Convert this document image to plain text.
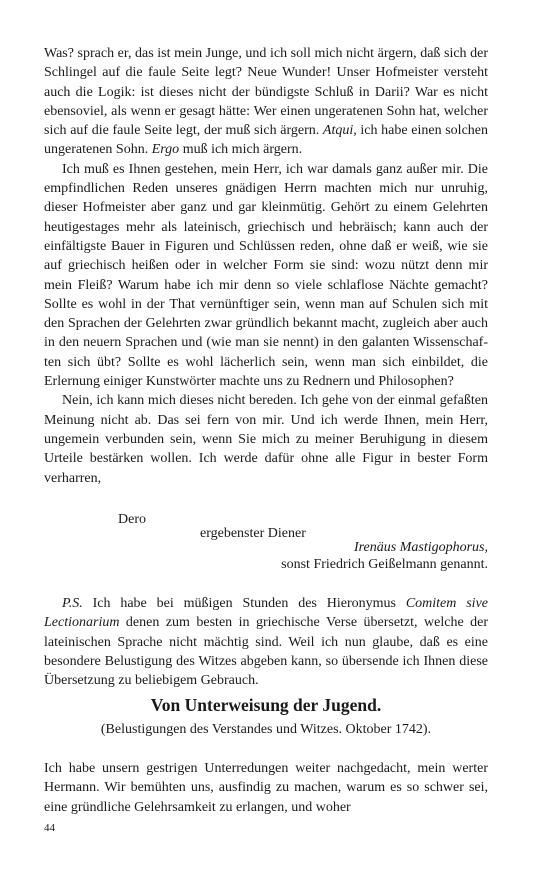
Was? sprach er, das ist mein Junge, und ich soll mich nicht ärgern, daß sich der Schlingel auf die faule Seite legt? Neue Wunder! Unser Hofmeister versteht auch die Logik: ist dieses nicht der bündigste Schluß in Darii? War es nicht ebensoviel, als wenn er gesagt hätte: Wer einen ungeratenen Sohn hat, welcher sich auf die faule Seite legt, der muß sich ärgern. Atqui, ich habe einen solchen ungeratenen Sohn. Ergo muß ich mich ärgern.

Ich muß es Ihnen gestehen, mein Herr, ich war damals ganz außer mir. Die empfindlichen Reden unseres gnädigen Herrn machten mich nur unruhig, dieser Hofmeister aber ganz und gar kleinmütig. Gehört zu einem Gelehrten heutigestages mehr als lateinisch, griechisch und hebräisch; kann auch der einfältigste Bauer in Figuren und Schlüssen reden, ohne daß er weiß, wie sie auf griechisch heißen oder in welcher Form sie sind: wozu nützt denn mir mein Fleiß? Warum habe ich mir denn so viele schlaflose Nächte gemacht? Sollte es wohl in der That vernünftiger sein, wenn man auf Schulen sich mit den Sprachen der Gelehrten zwar gründlich bekannt macht, zugleich aber auch in den neuern Sprachen und (wie man sie nennt) in den galanten Wissenschaften sich übt? Sollte es wohl lächerlich sein, wenn man sich einbildet, die Erlernung einiger Kunstwörter machte uns zu Rednern und Philosophen?

Nein, ich kann mich dieses nicht bereden. Ich gehe von der einmal gefaßten Meinung nicht ab. Das sei fern von mir. Und ich werde Ihnen, mein Herr, ungemein verbunden sein, wenn Sie mich zu meiner Beruhigung in diesem Urteile bestärken wollen. Ich werde dafür ohne alle Figur in bester Form verharren,

Dero
ergebenster Diener
Irenäus Mastigophorus,
sonst Friedrich Geißelmann genannt.

P.S. Ich habe bei müßigen Stunden des Hieronymus Comitem sive Lectionarium denen zum besten in griechische Verse übersetzt, welche der lateinischen Sprache nicht mächtig sind. Weil ich nun glaube, daß es eine besondere Belustigung des Witzes abgeben kann, so übersende ich Ihnen diese Übersetzung zu beliebigem Gebrauch.

Von Unterweisung der Jugend.
(Belustigungen des Verstandes und Witzes. Oktober 1742).

Ich habe unsern gestrigen Unterredungen weiter nachgedacht, mein werter Hermann. Wir bemühten uns, ausfindig zu machen, warum es so schwer sei, eine gründliche Gelehrsamkeit zu erlangen, und woher

44
